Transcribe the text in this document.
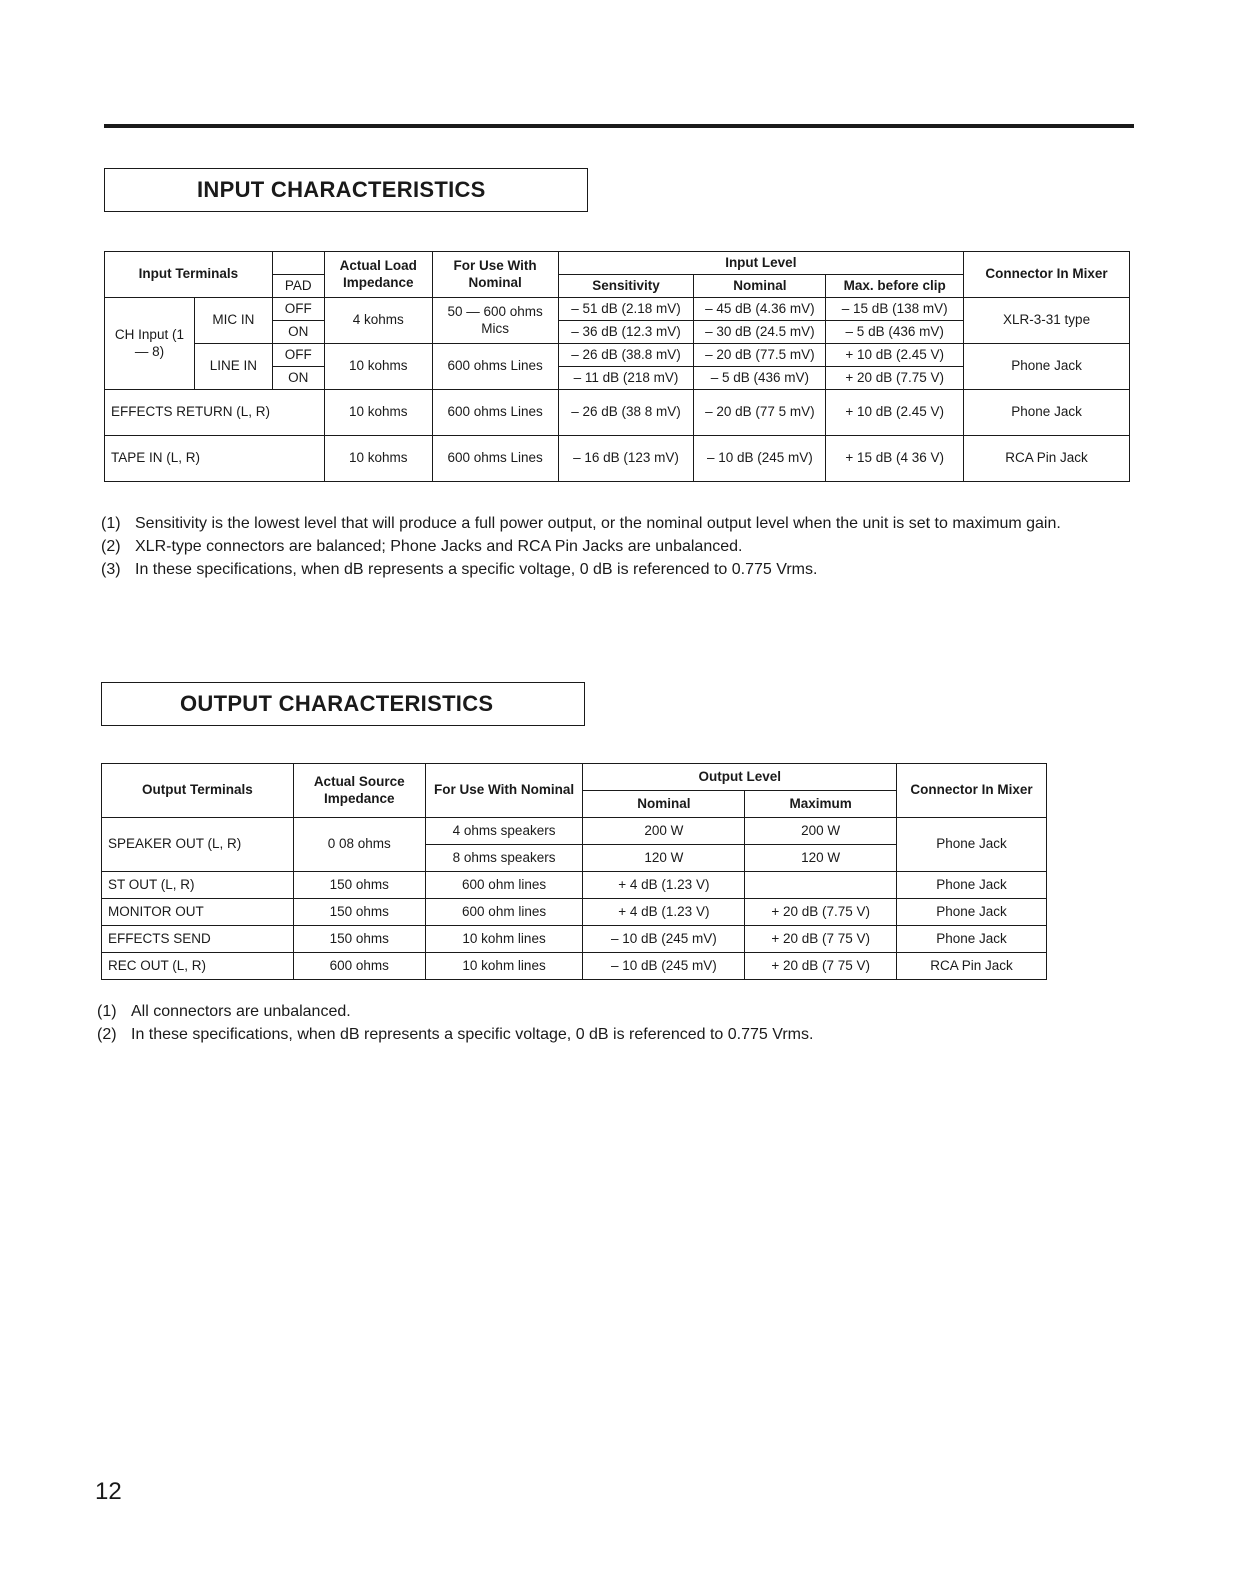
INPUT CHARACTERISTICS
Input Terminals			Actual Load Impedance	For Use With Nominal	Input Level			Connector In Mixer
		PAD			Sensitivity	Nominal	Max. before clip	
CH Input (1 — 8)	MIC IN	OFF	4 kohms	50 — 600 ohms Mics	– 51 dB (2.18 mV)	– 45 dB (4.36 mV)	– 15 dB (138 mV)	XLR-3-31 type
		ON			– 36 dB (12.3 mV)	– 30 dB (24.5 mV)	– 5 dB (436 mV)	
	LINE IN	OFF	10 kohms	600 ohms Lines	– 26 dB (38.8 mV)	– 20 dB (77.5 mV)	+ 10 dB (2.45 V)	Phone Jack
		ON			– 11 dB (218 mV)	– 5 dB (436 mV)	+ 20 dB (7.75 V)	
EFFECTS RETURN (L, R)			10 kohms	600 ohms Lines	– 26 dB (38 8 mV)	– 20 dB (77 5 mV)	+ 10 dB (2.45 V)	Phone Jack
TAPE IN (L, R)			10 kohms	600 ohms Lines	– 16 dB (123 mV)	– 10 dB (245 mV)	+ 15 dB (4 36 V)	RCA Pin Jack
(1) Sensitivity is the lowest level that will produce a full power output, or the nominal output level when the unit is set to maximum gain.
(2) XLR-type connectors are balanced; Phone Jacks and RCA Pin Jacks are unbalanced.
(3) In these specifications, when dB represents a specific voltage, 0 dB is referenced to 0.775 Vrms.
OUTPUT CHARACTERISTICS
Output Terminals	Actual Source Impedance	For Use With Nominal	Output Level		Connector In Mixer
			Nominal	Maximum	
SPEAKER OUT (L, R)	0 08 ohms	4 ohms speakers	200 W	200 W	Phone Jack
		8 ohms speakers	120 W	120 W	
ST OUT (L, R)	150 ohms	600 ohm lines	+ 4 dB (1.23 V)		Phone Jack
MONITOR OUT	150 ohms	600 ohm lines	+ 4 dB (1.23 V)	+ 20 dB (7.75 V)	Phone Jack
EFFECTS SEND	150 ohms	10 kohm lines	– 10 dB (245 mV)	+ 20 dB (7 75 V)	Phone Jack
REC OUT (L, R)	600 ohms	10 kohm lines	– 10 dB (245 mV)	+ 20 dB (7 75 V)	RCA Pin Jack
(1) All connectors are unbalanced.
(2) In these specifications, when dB represents a specific voltage, 0 dB is referenced to 0.775 Vrms.
12
